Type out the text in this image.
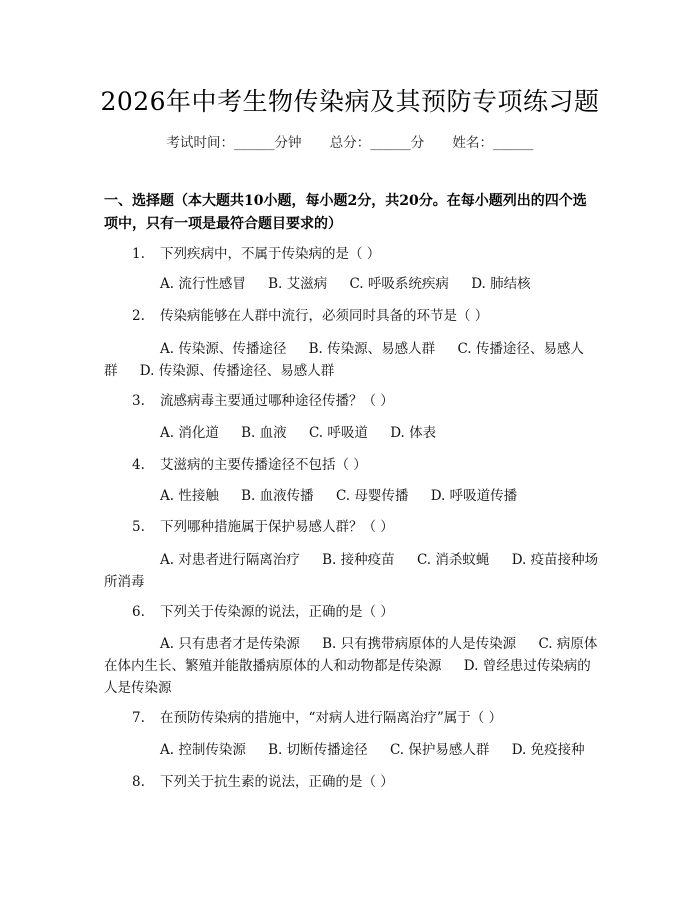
2026年中考生物传染病及其预防专项练习题
考试时间：______分钟 总分：______分 姓名：______
一、选择题（本大题共10小题，每小题2分，共20分。在每小题列出的四个选项中，只有一项是最符合题目要求的）
1. 下列疾病中，不属于传染病的是（ ）
A. 流行性感冒 B. 艾滋病 C. 呼吸系统疾病 D. 肺结核
2. 传染病能够在人群中流行，必须同时具备的环节是（ ）
A. 传染源、传播途径 B. 传染源、易感人群 C. 传播途径、易感人群 D. 传染源、传播途径、易感人群
3. 流感病毒主要通过哪种途径传播？（ ）
A. 消化道 B. 血液 C. 呼吸道 D. 体表
4. 艾滋病的主要传播途径不包括（ ）
A. 性接触 B. 血液传播 C. 母婴传播 D. 呼吸道传播
5. 下列哪种措施属于保护易感人群？（ ）
A. 对患者进行隔离治疗 B. 接种疫苗 C. 消杀蚊蝇 D. 疫苗接种场所消毒
6. 下列关于传染源的说法，正确的是（ ）
A. 只有患者才是传染源 B. 只有携带病原体的人是传染源 C. 病原体在体内生长、繁殖并能散播病原体的人和动物都是传染源 D. 曾经患过传染病的人是传染源
7. 在预防传染病的措施中，“对病人进行隔离治疗”属于（ ）
A. 控制传染源 B. 切断传播途径 C. 保护易感人群 D. 免疫接种
8. 下列关于抗生素的说法，正确的是（ ）
